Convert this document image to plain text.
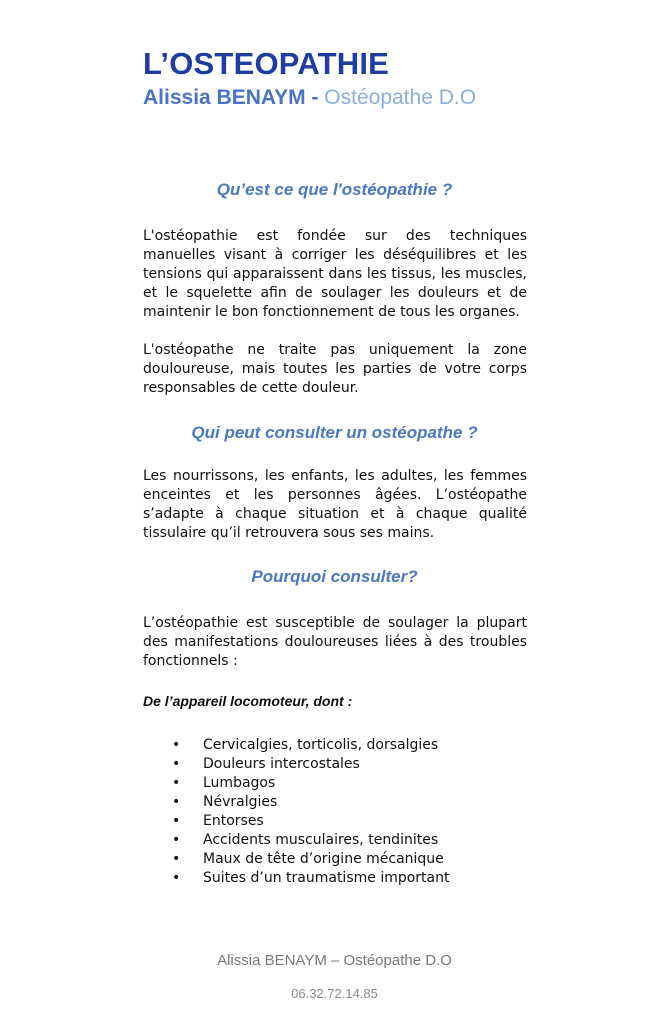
L’OSTEOPATHIE

Alissia BENAYM - Ostéopathe D.O

Qu’est ce que l'ostéopathie ?

L'ostéopathie est fondée sur des techniques manuelles visant à corriger les déséquilibres et les tensions qui apparaissent dans les tissus, les muscles, et le squelette afin de soulager les douleurs et de maintenir le bon fonctionnement de tous les organes.

L'ostéopathe ne traite pas uniquement la zone douloureuse, mais toutes les parties de votre corps responsables de cette douleur.

Qui peut consulter un ostéopathe ?

Les nourrissons, les enfants, les adultes, les femmes enceintes et les personnes âgées. L’ostéopathe s’adapte à chaque situation et à chaque qualité tissulaire qu’il retrouvera sous ses mains.

Pourquoi consulter?

L’ostéopathie est susceptible de soulager la plupart des manifestations douloureuses liées à des troubles fonctionnels :

De l’appareil locomoteur, dont :

• Cervicalgies, torticolis, dorsalgies
• Douleurs intercostales
• Lumbagos
• Névralgies
• Entorses
• Accidents musculaires, tendinites
• Maux de tête d’origine mécanique
• Suites d’un traumatisme important

Alissia BENAYM – Ostéopathe D.O

06.32.72.14.85
